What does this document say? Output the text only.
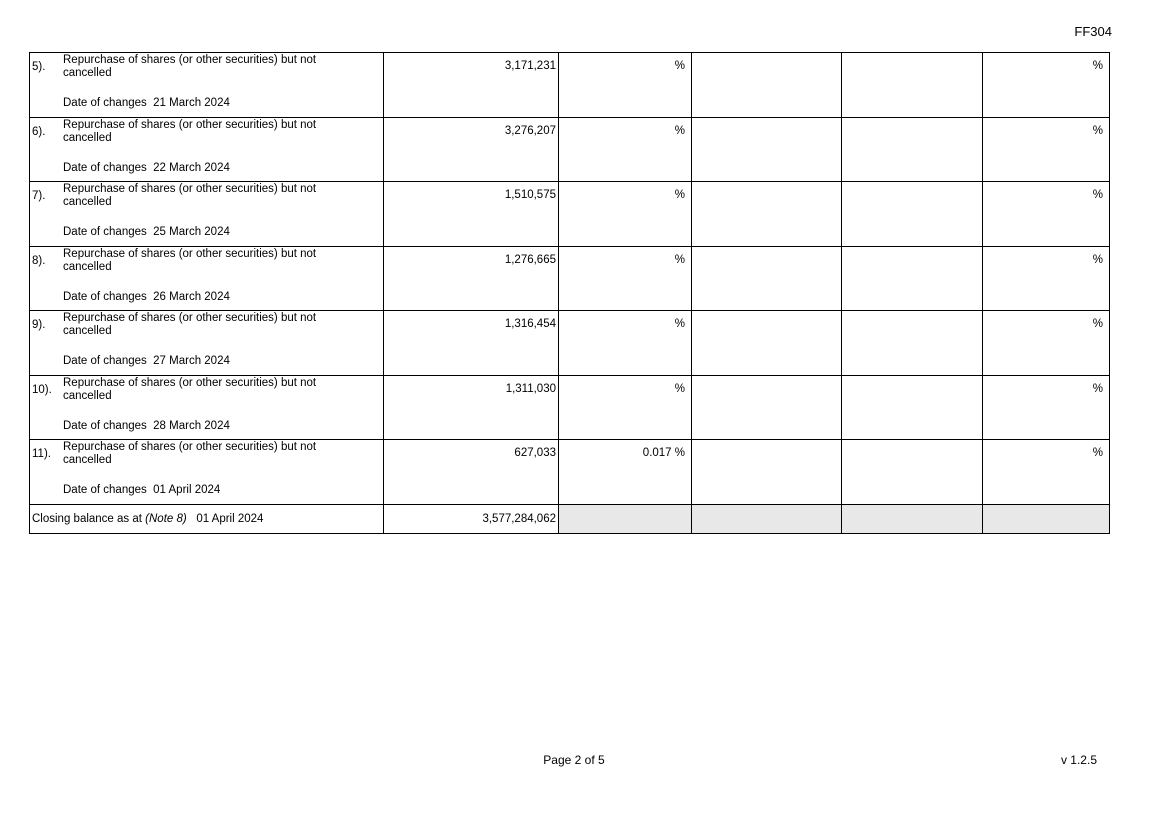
FF304
5).
Repurchase of shares (or other securities) but not cancelled
Date of changes 21 March 2024	3,171,231	%			%

6).
Repurchase of shares (or other securities) but not cancelled
Date of changes 22 March 2024	3,276,207	%			%

7).
Repurchase of shares (or other securities) but not cancelled
Date of changes 25 March 2024	1,510,575	%			%

8).
Repurchase of shares (or other securities) but not cancelled
Date of changes 26 March 2024	1,276,665	%			%

9).
Repurchase of shares (or other securities) but not cancelled
Date of changes 27 March 2024	1,316,454	%			%

10).
Repurchase of shares (or other securities) but not cancelled
Date of changes 28 March 2024	1,311,030	%			%

11).
Repurchase of shares (or other securities) but not cancelled
Date of changes 01 April 2024	627,033	0.017 %			%
Closing balance as at (Note 8) 01 April 2024	3,577,284,062				
Page 2 of 5	v 1.2.5
